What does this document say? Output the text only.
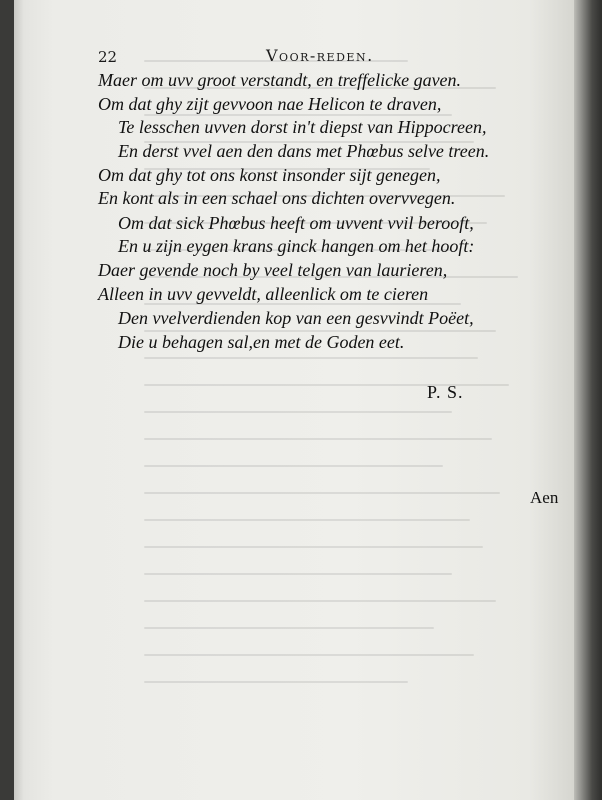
22	Voor-reden.
Maer om uvv groot verstandt, en treffelicke gaven.
Om dat ghy zijt gevvoon nae Helicon te draven,
Te lesschen uvven dorst in't diepst van Hippocreen,
En derst vvel aen den dans met Phœbus selve treen.
Om dat ghy tot ons konst insonder sijt genegen,
En kont als in een schael ons dichten overvvegen.
Om dat sick Phœbus heeft om uvvent vvil berooft,
En u zijn eygen krans ginck hangen om het hooft:
Daer gevende noch by veel telgen van laurieren,
Alleen in uvv gevveldt, alleenlick om te cieren
Den vvelverdienden kop van een gesvvindt Poëet,
Die u behagen sal,en met de Goden eet.
P. S.
Aen
